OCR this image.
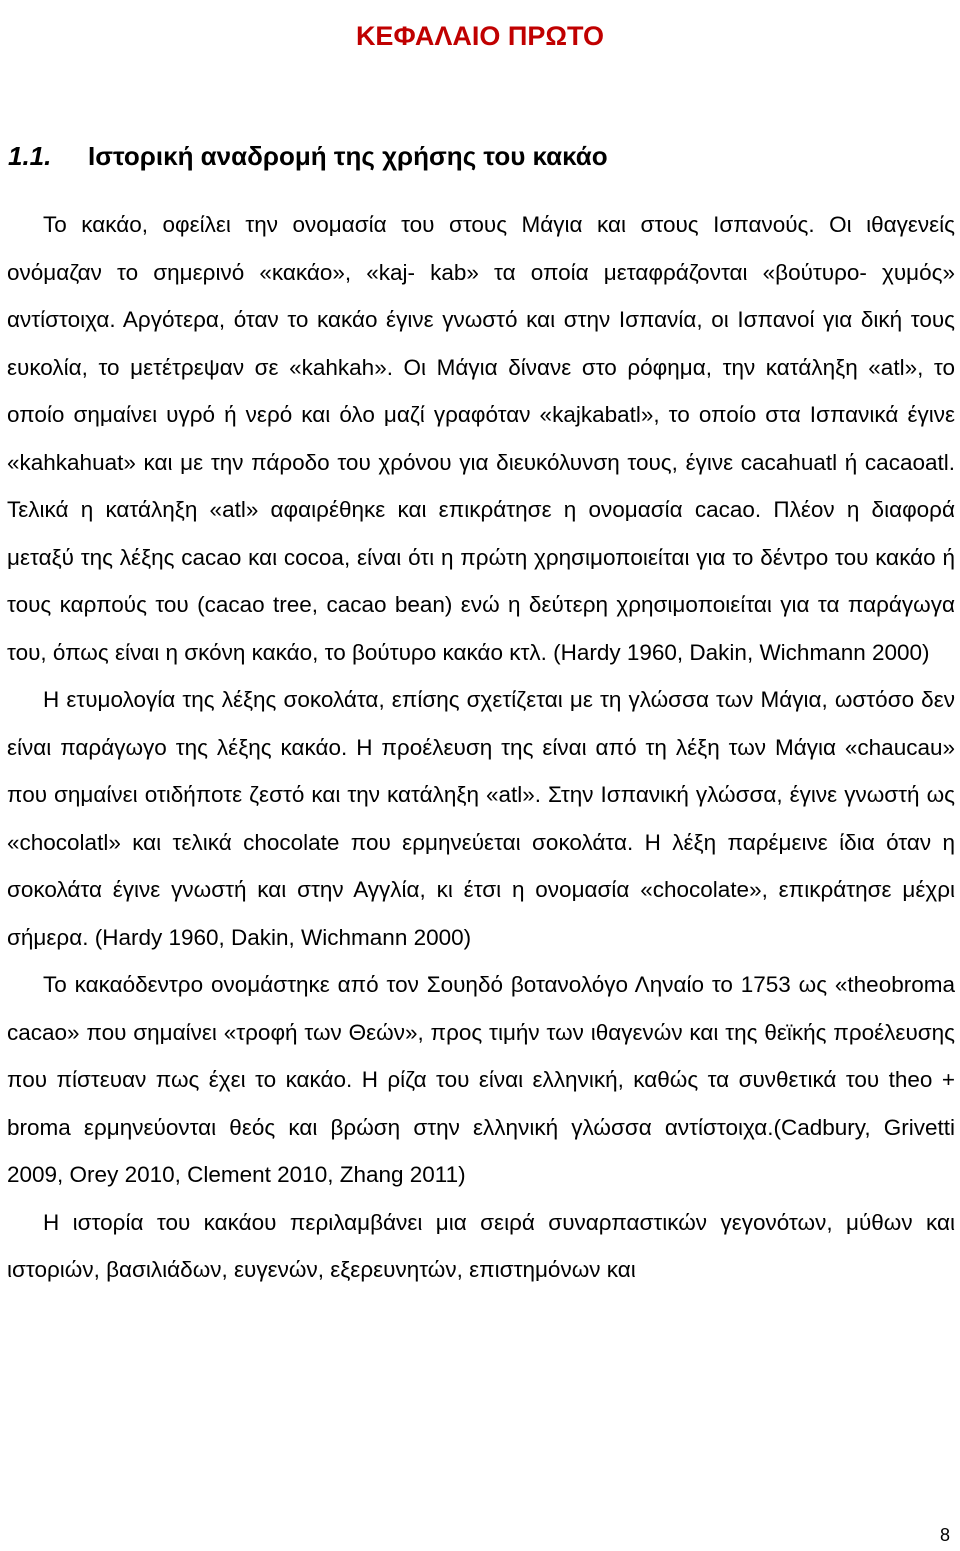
ΚΕΦΑΛΑΙΟ ΠΡΩΤΟ
1.1. Ιστορική αναδρομή της χρήσης του κακάο

Το κακάο, οφείλει την ονομασία του στους Μάγια και στους Ισπανούς. Οι ιθαγενείς ονόμαζαν το σημερινό «κακάο», «kaj- kab» τα οποία μεταφράζονται «βούτυρο- χυμός» αντίστοιχα. Αργότερα, όταν το κακάο έγινε γνωστό και στην Ισπανία, οι Ισπανοί για δική τους ευκολία, το μετέτρεψαν σε «kahkah». Οι Μάγια δίνανε στο ρόφημα, την κατάληξη «atl», το οποίο σημαίνει υγρό ή νερό και όλο μαζί γραφόταν «kajkabatl», το οποίο στα Ισπανικά έγινε «kahkahuat» και με την πάροδο του χρόνου για διευκόλυνση τους, έγινε cacahuatl ή cacaoatl. Τελικά η κατάληξη «atl» αφαιρέθηκε και επικράτησε η ονομασία cacao. Πλέον η διαφορά μεταξύ της λέξης cacao και cocoa, είναι ότι η πρώτη χρησιμοποιείται για το δέντρο του κακάο ή τους καρπούς του (cacao tree, cacao bean) ενώ η δεύτερη χρησιμοποιείται για τα παράγωγα του, όπως είναι η σκόνη κακάο, το βούτυρο κακάο κτλ. (Hardy 1960, Dakin, Wichmann 2000)

Η ετυμολογία της λέξης σοκολάτα, επίσης σχετίζεται με τη γλώσσα των Μάγια, ωστόσο δεν είναι παράγωγο της λέξης κακάο. Η προέλευση της είναι από τη λέξη των Μάγια «chaucau» που σημαίνει οτιδήποτε ζεστό και την κατάληξη «atl». Στην Ισπανική γλώσσα, έγινε γνωστή ως «chocolatl» και τελικά chocolate που ερμηνεύεται σοκολάτα. Η λέξη παρέμεινε ίδια όταν η σοκολάτα έγινε γνωστή και στην Αγγλία, κι έτσι η ονομασία «chocolate», επικράτησε μέχρι σήμερα. (Hardy 1960, Dakin, Wichmann 2000)

Το κακαόδεντρο ονομάστηκε από τον Σουηδό βοτανολόγο Ληναίο το 1753 ως «theobroma cacao» που σημαίνει «τροφή των Θεών», προς τιμήν των ιθαγενών και της θεϊκής προέλευσης που πίστευαν πως έχει το κακάο. Η ρίζα του είναι ελληνική, καθώς τα συνθετικά του theo + broma ερμηνεύονται θεός και βρώση στην ελληνική γλώσσα αντίστοιχα.(Cadbury, Grivetti 2009, Orey 2010, Clement 2010, Zhang 2011)

Η ιστορία του κακάου περιλαμβάνει μια σειρά συναρπαστικών γεγονότων, μύθων και ιστοριών, βασιλιάδων, ευγενών, εξερευνητών, επιστημόνων και

8
